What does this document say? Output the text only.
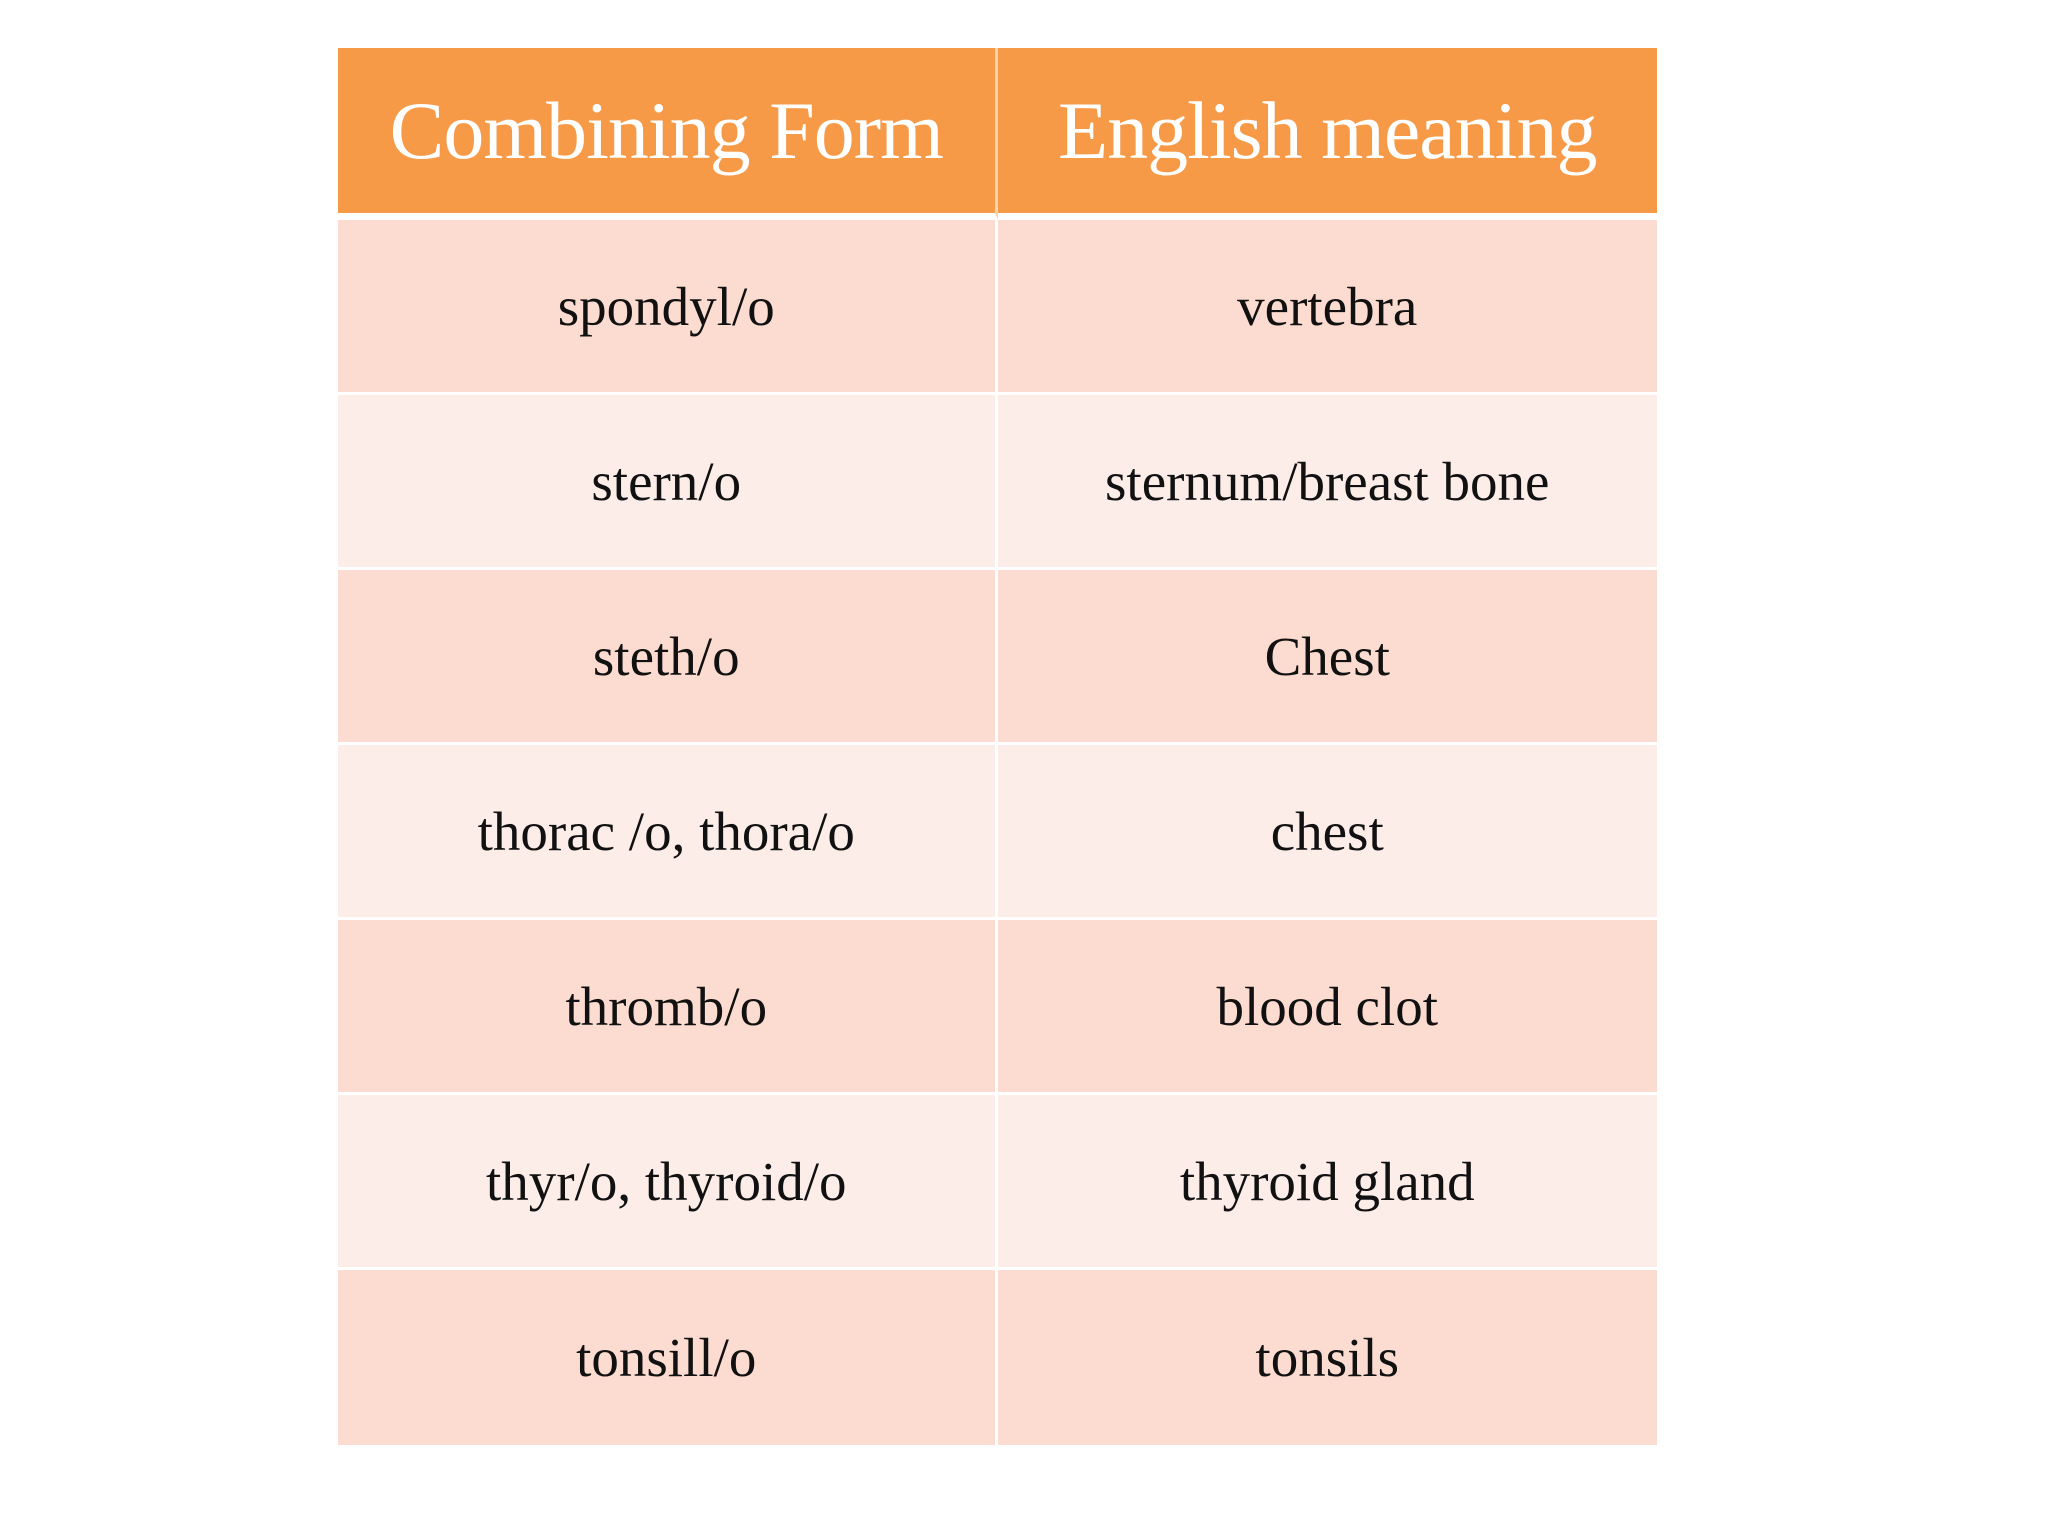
Combining Form	English meaning
spondyl/o	vertebra
stern/o	sternum/breast bone
steth/o	Chest
thorac /o, thora/o	chest
thromb/o	blood clot
thyr/o, thyroid/o	thyroid gland
tonsill/o	tonsils
